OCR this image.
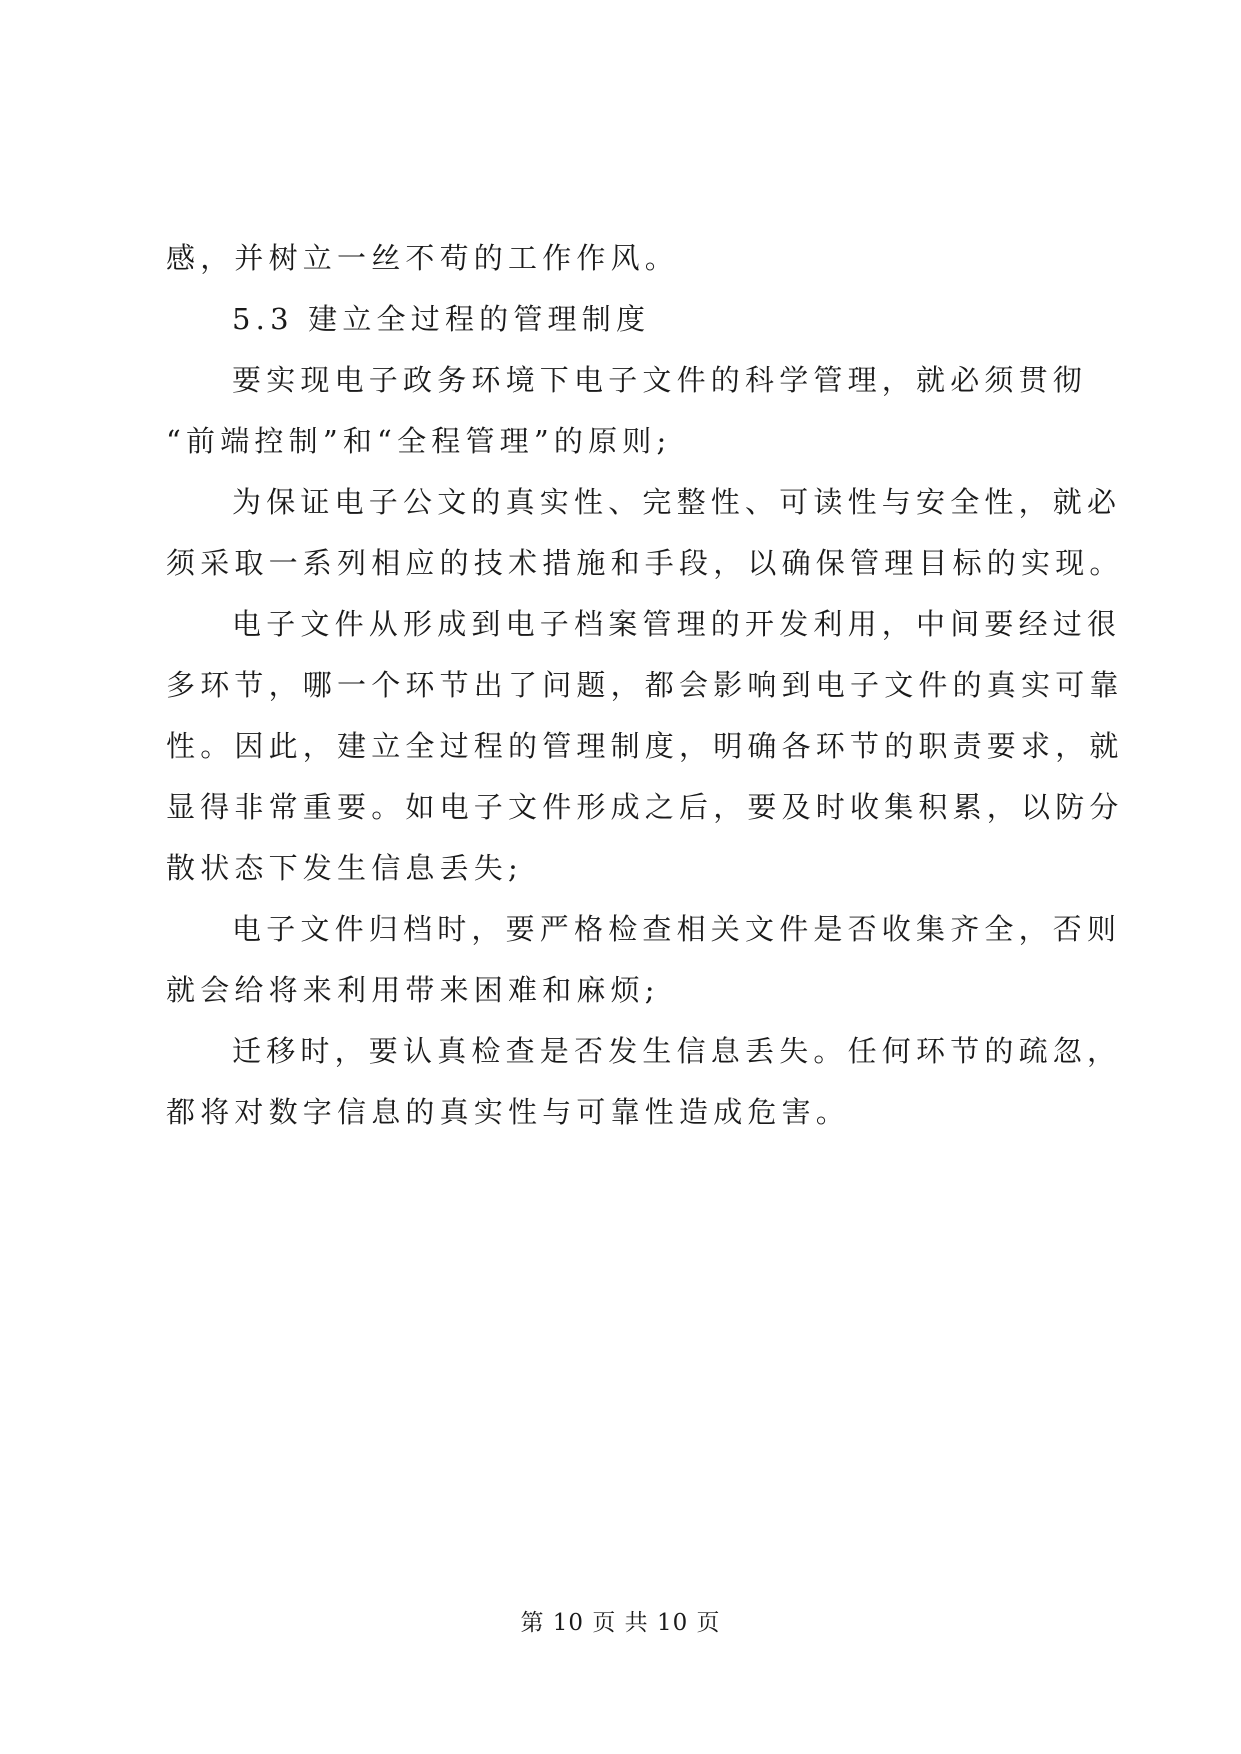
感，并树立一丝不苟的工作作风。
5.3 建立全过程的管理制度
要实现电子政务环境下电子文件的科学管理，就必须贯彻
“前端控制”和“全程管理”的原则;
为保证电子公文的真实性、完整性、可读性与安全性，就必
须采取一系列相应的技术措施和手段，以确保管理目标的实现。
电子文件从形成到电子档案管理的开发利用，中间要经过很
多环节，哪一个环节出了问题，都会影响到电子文件的真实可靠
性。因此，建立全过程的管理制度，明确各环节的职责要求，就
显得非常重要。如电子文件形成之后，要及时收集积累，以防分
散状态下发生信息丢失;
电子文件归档时，要严格检查相关文件是否收集齐全，否则
就会给将来利用带来困难和麻烦;
迁移时，要认真检查是否发生信息丢失。任何环节的疏忽，
都将对数字信息的真实性与可靠性造成危害。
第 10 页 共 10 页
